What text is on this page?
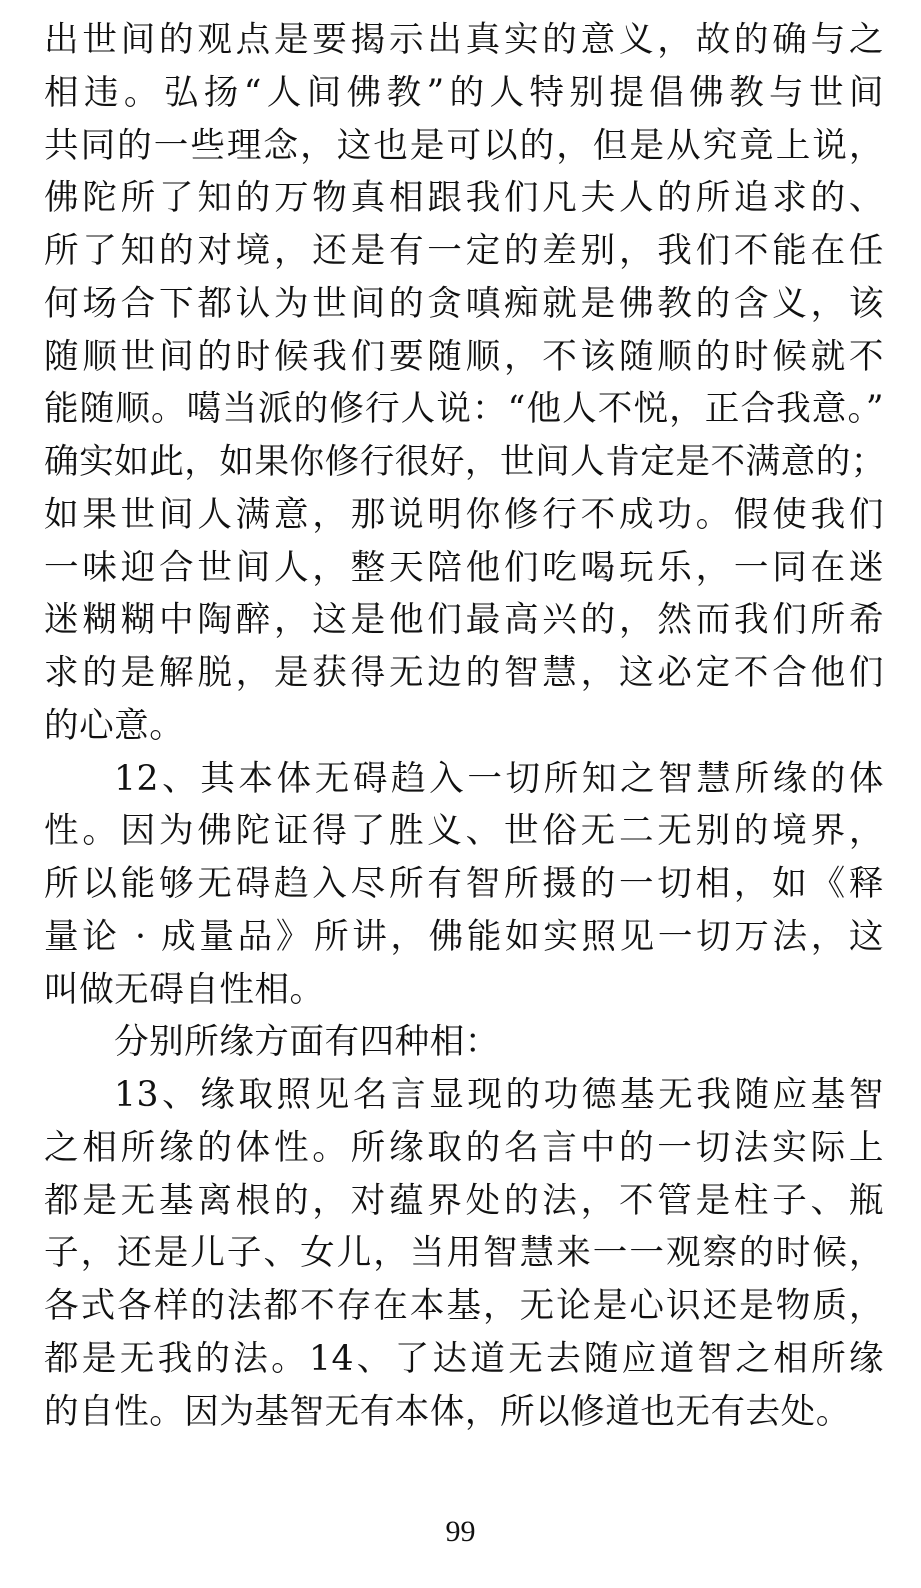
出世间的观点是要揭示出真实的意义，故的确与之
相违。弘扬“人间佛教”的人特别提倡佛教与世间
共同的一些理念，这也是可以的，但是从究竟上说，
佛陀所了知的万物真相跟我们凡夫人的所追求的、
所了知的对境，还是有一定的差别，我们不能在任
何场合下都认为世间的贪嗔痴就是佛教的含义，该
随顺世间的时候我们要随顺，不该随顺的时候就不
能随顺。噶当派的修行人说：“他人不悦，正合我意。”
确实如此，如果你修行很好，世间人肯定是不满意的；
如果世间人满意，那说明你修行不成功。假使我们
一味迎合世间人，整天陪他们吃喝玩乐，一同在迷
迷糊糊中陶醉，这是他们最高兴的，然而我们所希
求的是解脱，是获得无边的智慧，这必定不合他们
的心意。
12、其本体无碍趋入一切所知之智慧所缘的体
性。因为佛陀证得了胜义、世俗无二无别的境界，
所以能够无碍趋入尽所有智所摄的一切相，如《释
量论 · 成量品》所讲，佛能如实照见一切万法，这
叫做无碍自性相。
分别所缘方面有四种相：
13、缘取照见名言显现的功德基无我随应基智
之相所缘的体性。所缘取的名言中的一切法实际上
都是无基离根的，对蕴界处的法，不管是柱子、瓶
子，还是儿子、女儿，当用智慧来一一观察的时候，
各式各样的法都不存在本基，无论是心识还是物质，
都是无我的法。14、了达道无去随应道智之相所缘
的自性。因为基智无有本体，所以修道也无有去处。
99
